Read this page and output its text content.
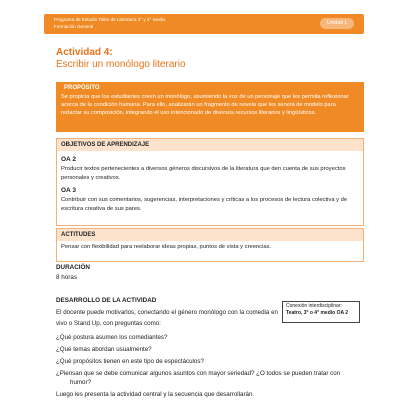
Programa de Estudio Taller de Literatura 3° y 4° medio
Formación General
Unidad 1
Actividad 4:
Escribir un monólogo literario
PROPÓSITO
Se propicia que los estudiantes creen un monólogo, asumiendo la voz de un personaje que les permita reflexionar acerca de la condición humana. Para ello, analizarán un fragmento de novela que les servirá de modelo para redactar su composición, integrando el uso intencionado de diversos recursos literarios y lingüísticos.
OBJETIVOS DE APRENDIZAJE
OA 2
Producir textos pertenecientes a diversos géneros discursivos de la literatura que den cuenta de sus proyectos personales y creativos.
OA 3
Contribuir con sus comentarios, sugerencias, interpretaciones y críticas a los procesos de lectura colectiva y de escritura creativa de sus pares.
ACTITUDES
Pensar con flexibilidad para reelaborar ideas propias, puntos de vista y creencias.
DURACIÓN
8 horas
DESARROLLO DE LA ACTIVIDAD
El docente puede motivarlos, conectando el género monólogo con la comedia en vivo o Stand Up, con preguntas como:
Conexión interdisciplinar:
Teatro, 3° o 4° medio OA 2
¿Qué postura asumen los comediantes?
¿Qué temas abordan usualmente?
¿Qué propósitos tienen en este tipo de espectáculos?
¿Piensan que se debe comunicar algunos asuntos con mayor seriedad? ¿O todos se pueden tratar con
humor?
Luego les presenta la actividad central y la secuencia que desarrollarán.
